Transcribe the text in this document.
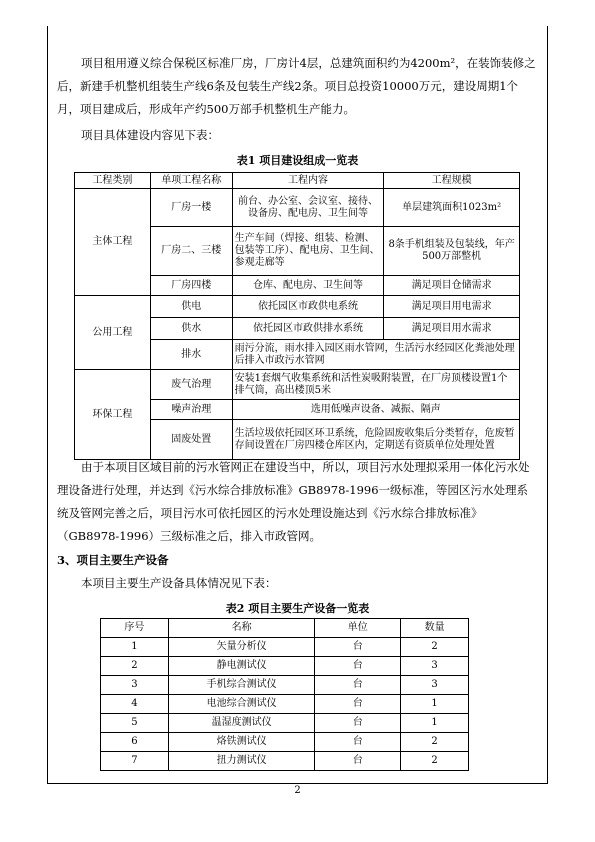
项目租用遵义综合保税区标准厂房，厂房计4层，总建筑面积约为4200m²，在装饰装修之后，新建手机整机组装生产线6条及包装生产线2条。项目总投资10000万元，建设周期1个月，项目建成后，形成年产约500万部手机整机生产能力。
项目具体建设内容见下表：
表1 项目建设组成一览表
工程类别	单项工程名称	工程内容	工程规模
主体工程	厂房一楼	前台、办公室、会议室、接待、设备房、配电房、卫生间等	单层建筑面积1023m²
	厂房二、三楼	生产车间（焊接、组装、检测、包装等工序）、配电房、卫生间、参观走廊等	8条手机组装及包装线，年产500万部整机
	厂房四楼	仓库、配电房、卫生间等	满足项目仓储需求
公用工程	供电	依托园区市政供电系统	满足项目用电需求
	供水	依托园区市政供排水系统	满足项目用水需求
	排水	雨污分流，雨水排入园区雨水管网，生活污水经园区化粪池处理后排入市政污水管网	
环保工程	废气治理	安装1套烟气收集系统和活性炭吸附装置，在厂房顶楼设置1个排气筒，高出楼顶5米	
	噪声治理	选用低噪声设备、减振、隔声	
	固废处置	生活垃圾依托园区环卫系统，危险固废收集后分类暂存，危废暂存间设置在厂房四楼仓库区内，定期送有资质单位处理处置	
由于本项目区域目前的污水管网正在建设当中，所以，项目污水处理拟采用一体化污水处理设备进行处理，并达到《污水综合排放标准》GB8978-1996一级标准，等园区污水处理系统及管网完善之后，项目污水可依托园区的污水处理设施达到《污水综合排放标准》（GB8978-1996）三级标准之后，排入市政管网。
3、项目主要生产设备
本项目主要生产设备具体情况见下表：
表2 项目主要生产设备一览表
序号	名称	单位	数量
1	矢量分析仪	台	2
2	静电测试仪	台	3
3	手机综合测试仪	台	3
4	电池综合测试仪	台	1
5	温湿度测试仪	台	1
6	烙铁测试仪	台	2
7	扭力测试仪	台	2
2
